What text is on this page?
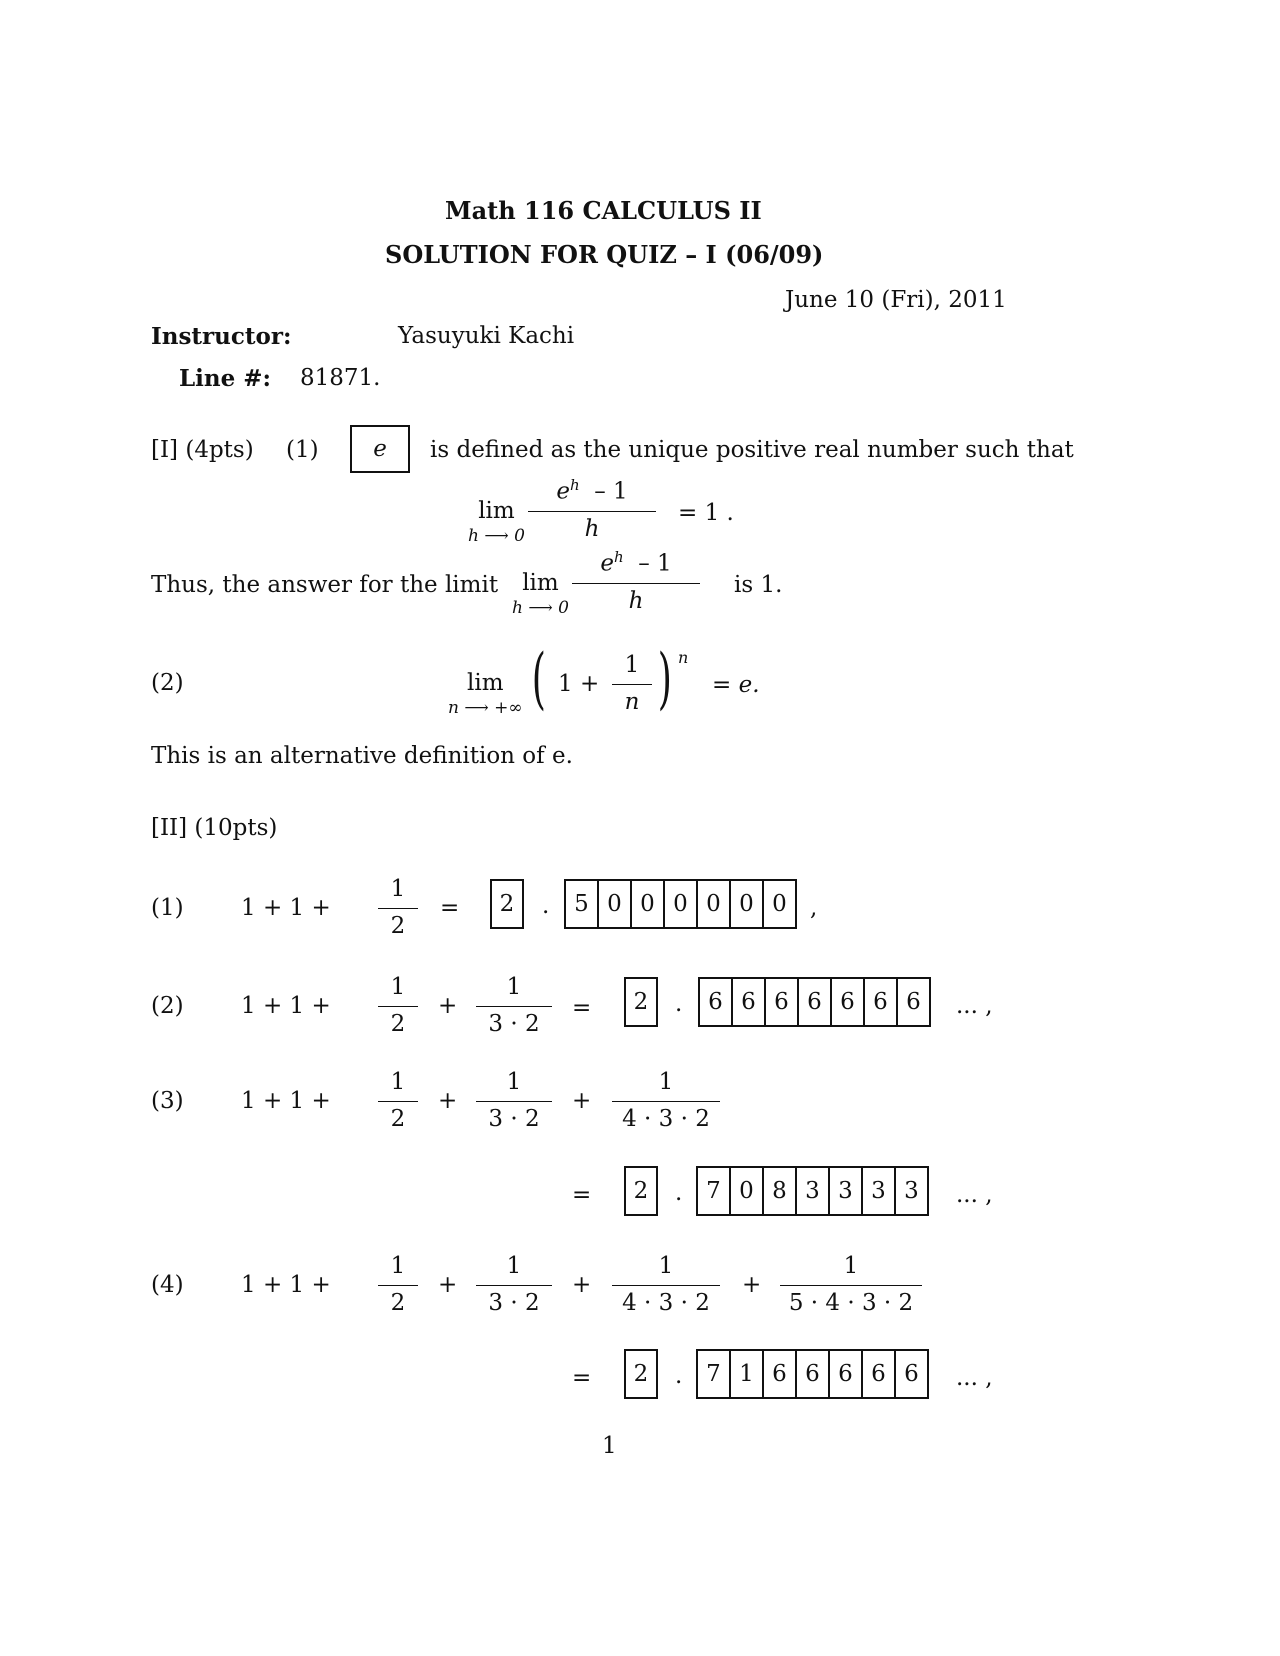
Math 116 CALCULUS II
SOLUTION FOR QUIZ – I (06/09)
June 10 (Fri), 2011
Instructor:	Yasuyuki Kachi
Line #: 81871.
[I] (4pts) (1)	e	is defined as the unique positive real number such that
lim
h ⟶ 0
$e^h - 1$
h
= 1 .
Thus, the answer for the limit lim
h ⟶ 0
$e^h - 1$
h
is 1.
(2)	lim
n ⟶ +∞ ( 1 +
1
n ) n
= e.
This is an alternative definition of e.
[II] (10pts)
(1) 1 + 1 +
1
2
=	2	.	5 0 0 0 0 0 0	,
(2) 1 + 1 +
1
2
+
1
3 · 2
=	2	.	6 6 6 6 6 6 6	... ,
(3) 1 + 1 +
1
2
+
1
3 · 2
+
1
4 · 3 · 2
=	2	.	7 0 8 3 3 3 3	... ,
(4) 1 + 1 +
1
2
+
1
3 · 2
+
1
4 · 3 · 2
+
1
5 · 4 · 3 · 2
=	2	.	7 1 6 6 6 6 6	... ,
1
